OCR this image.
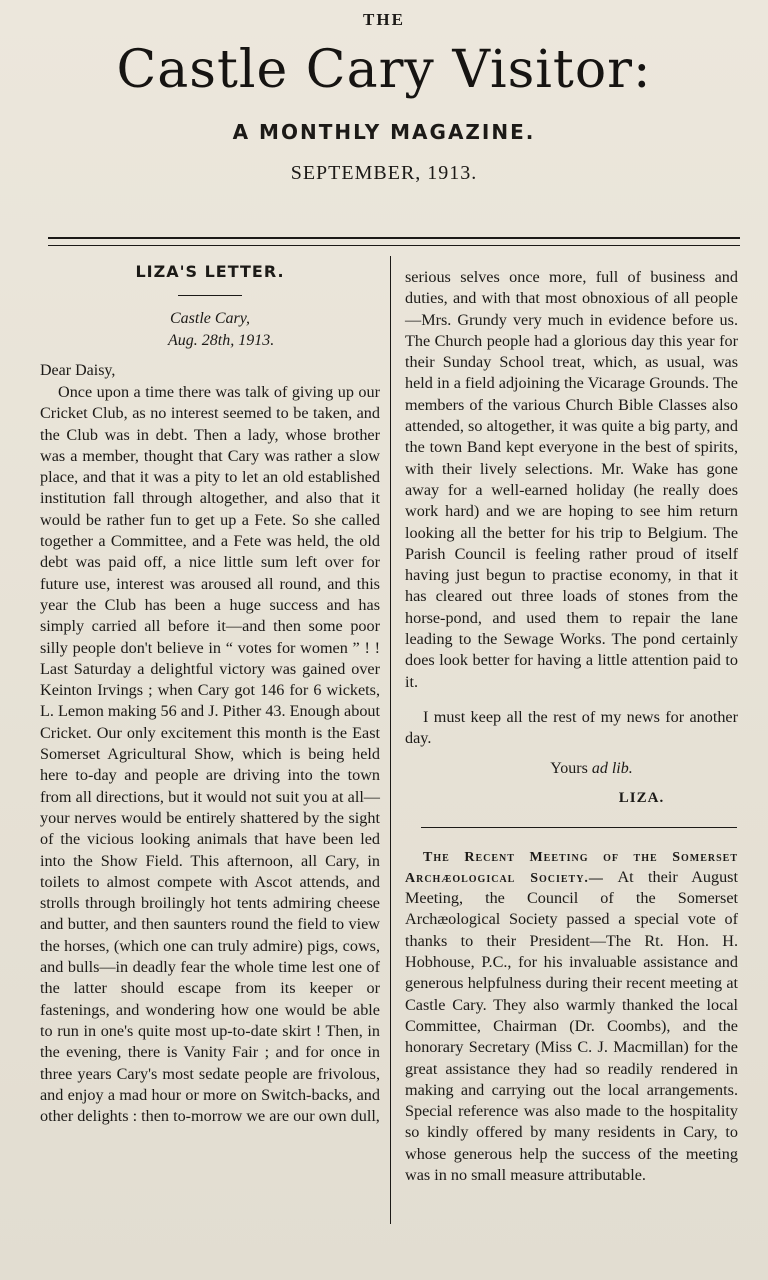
THE
Castle Cary Visitor:
A MONTHLY MAGAZINE.
SEPTEMBER, 1913.
LIZA'S LETTER.
Castle Cary,
Aug. 28th, 1913.
Dear Daisy,
Once upon a time there was talk of giving up our Cricket Club, as no interest seemed to be taken, and the Club was in debt. Then a lady, whose brother was a member, thought that Cary was rather a slow place, and that it was a pity to let an old established institution fall through altogether, and also that it would be rather fun to get up a Fete. So she called together a Committee, and a Fete was held, the old debt was paid off, a nice little sum left over for future use, interest was aroused all round, and this year the Club has been a huge success and has simply carried all before it—and then some poor silly people don't believe in “ votes for women ” ! ! Last Saturday a delightful victory was gained over Keinton Irvings ; when Cary got 146 for 6 wickets, L. Lemon making 56 and J. Pither 43. Enough about Cricket. Our only excitement this month is the East Somerset Agricultural Show, which is being held here to-day and people are driving into the town from all directions, but it would not suit you at all—your nerves would be entirely shattered by the sight of the vicious looking animals that have been led into the Show Field. This afternoon, all Cary, in toilets to almost compete with Ascot attends, and strolls through broilingly hot tents admiring cheese and butter, and then saunters round the field to view the horses, (which one can truly admire) pigs, cows, and bulls—in deadly fear the whole time lest one of the latter should escape from its keeper or fastenings, and wondering how one would be able to run in one's quite most up-to-date skirt ! Then, in the evening, there is Vanity Fair ; and for once in three years Cary's most sedate people are frivolous, and enjoy a mad hour or more on Switch-backs, and other delights : then to-morrow we are our own dull,
serious selves once more, full of business and duties, and with that most obnoxious of all people—Mrs. Grundy very much in evidence before us. The Church people had a glorious day this year for their Sunday School treat, which, as usual, was held in a field adjoining the Vicarage Grounds. The members of the various Church Bible Classes also attended, so altogether, it was quite a big party, and the town Band kept everyone in the best of spirits, with their lively selections. Mr. Wake has gone away for a well-earned holiday (he really does work hard) and we are hoping to see him return looking all the better for his trip to Belgium. The Parish Council is feeling rather proud of itself having just begun to practise economy, in that it has cleared out three loads of stones from the horse-pond, and used them to repair the lane leading to the Sewage Works. The pond certainly does look better for having a little attention paid to it.
I must keep all the rest of my news for another day.
Yours ad lib.
LIZA.
The Recent Meeting of the Somerset Archæological Society.— At their August Meeting, the Council of the Somerset Archæological Society passed a special vote of thanks to their President—The Rt. Hon. H. Hobhouse, P.C., for his invaluable assistance and generous helpfulness during their recent meeting at Castle Cary. They also warmly thanked the local Committee, Chairman (Dr. Coombs), and the honorary Secretary (Miss C. J. Macmillan) for the great assistance they had so readily rendered in making and carrying out the local arrangements. Special reference was also made to the hospitality so kindly offered by many residents in Cary, to whose generous help the success of the meeting was in no small measure attributable.
